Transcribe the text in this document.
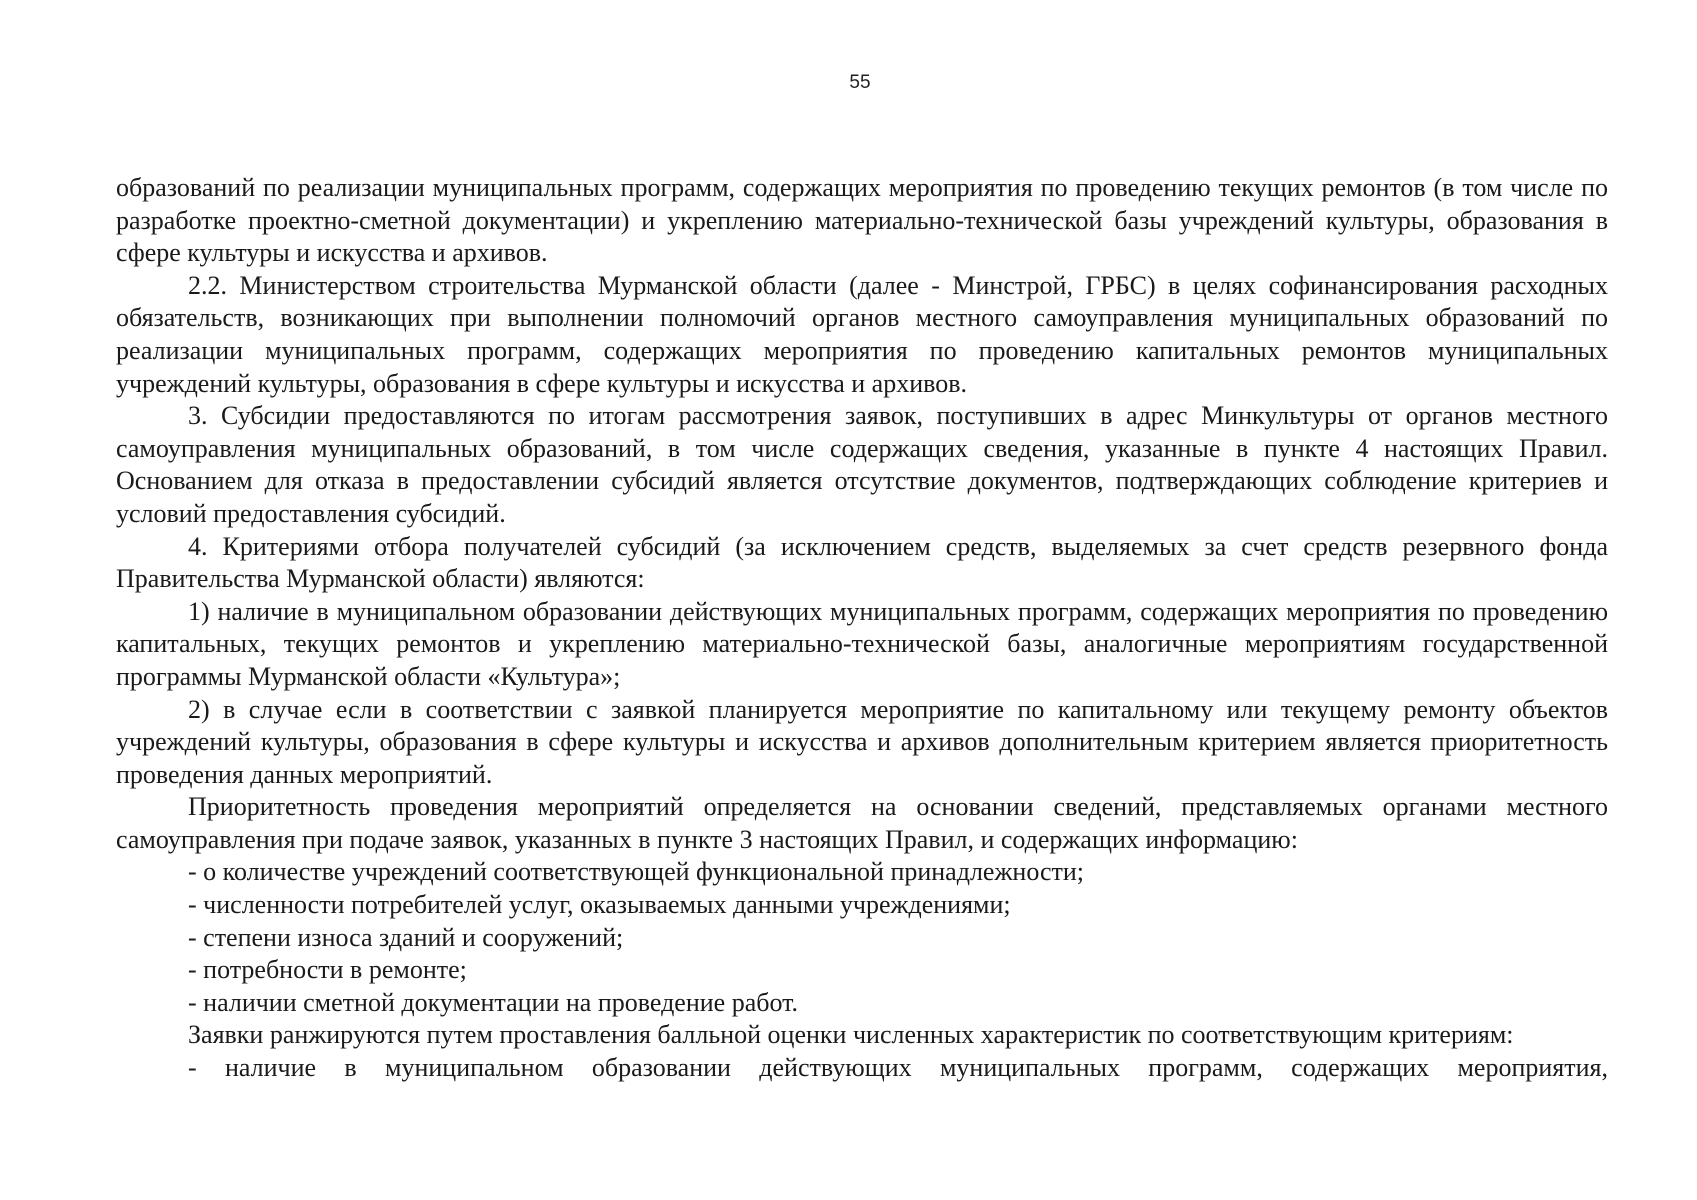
55

образований по реализации муниципальных программ, содержащих мероприятия по проведению текущих ремонтов (в том числе по разработке проектно-сметной документации) и укреплению материально-технической базы учреждений культуры, образования в сфере культуры и искусства и архивов.

2.2. Министерством строительства Мурманской области (далее - Минстрой, ГРБС) в целях софинансирования расходных обязательств, возникающих при выполнении полномочий органов местного самоуправления муниципальных образований по реализации муниципальных программ, содержащих мероприятия по проведению капитальных ремонтов муниципальных учреждений культуры, образования в сфере культуры и искусства и архивов.

3. Субсидии предоставляются по итогам рассмотрения заявок, поступивших в адрес Минкультуры от органов местного самоуправления муниципальных образований, в том числе содержащих сведения, указанные в пункте 4 настоящих Правил. Основанием для отказа в предоставлении субсидий является отсутствие документов, подтверждающих соблюдение критериев и условий предоставления субсидий.

4. Критериями отбора получателей субсидий (за исключением средств, выделяемых за счет средств резервного фонда Правительства Мурманской области) являются:

1) наличие в муниципальном образовании действующих муниципальных программ, содержащих мероприятия по проведению капитальных, текущих ремонтов и укреплению материально-технической базы, аналогичные мероприятиям государственной программы Мурманской области «Культура»;

2) в случае если в соответствии с заявкой планируется мероприятие по капитальному или текущему ремонту объектов учреждений культуры, образования в сфере культуры и искусства и архивов дополнительным критерием является приоритетность проведения данных мероприятий.

Приоритетность проведения мероприятий определяется на основании сведений, представляемых органами местного самоуправления при подаче заявок, указанных в пункте 3 настоящих Правил, и содержащих информацию:

- о количестве учреждений соответствующей функциональной принадлежности;

- численности потребителей услуг, оказываемых данными учреждениями;

- степени износа зданий и сооружений;

- потребности в ремонте;

- наличии сметной документации на проведение работ.

Заявки ранжируются путем проставления балльной оценки численных характеристик по соответствующим критериям:

- наличие в муниципальном образовании действующих муниципальных программ, содержащих мероприятия,
